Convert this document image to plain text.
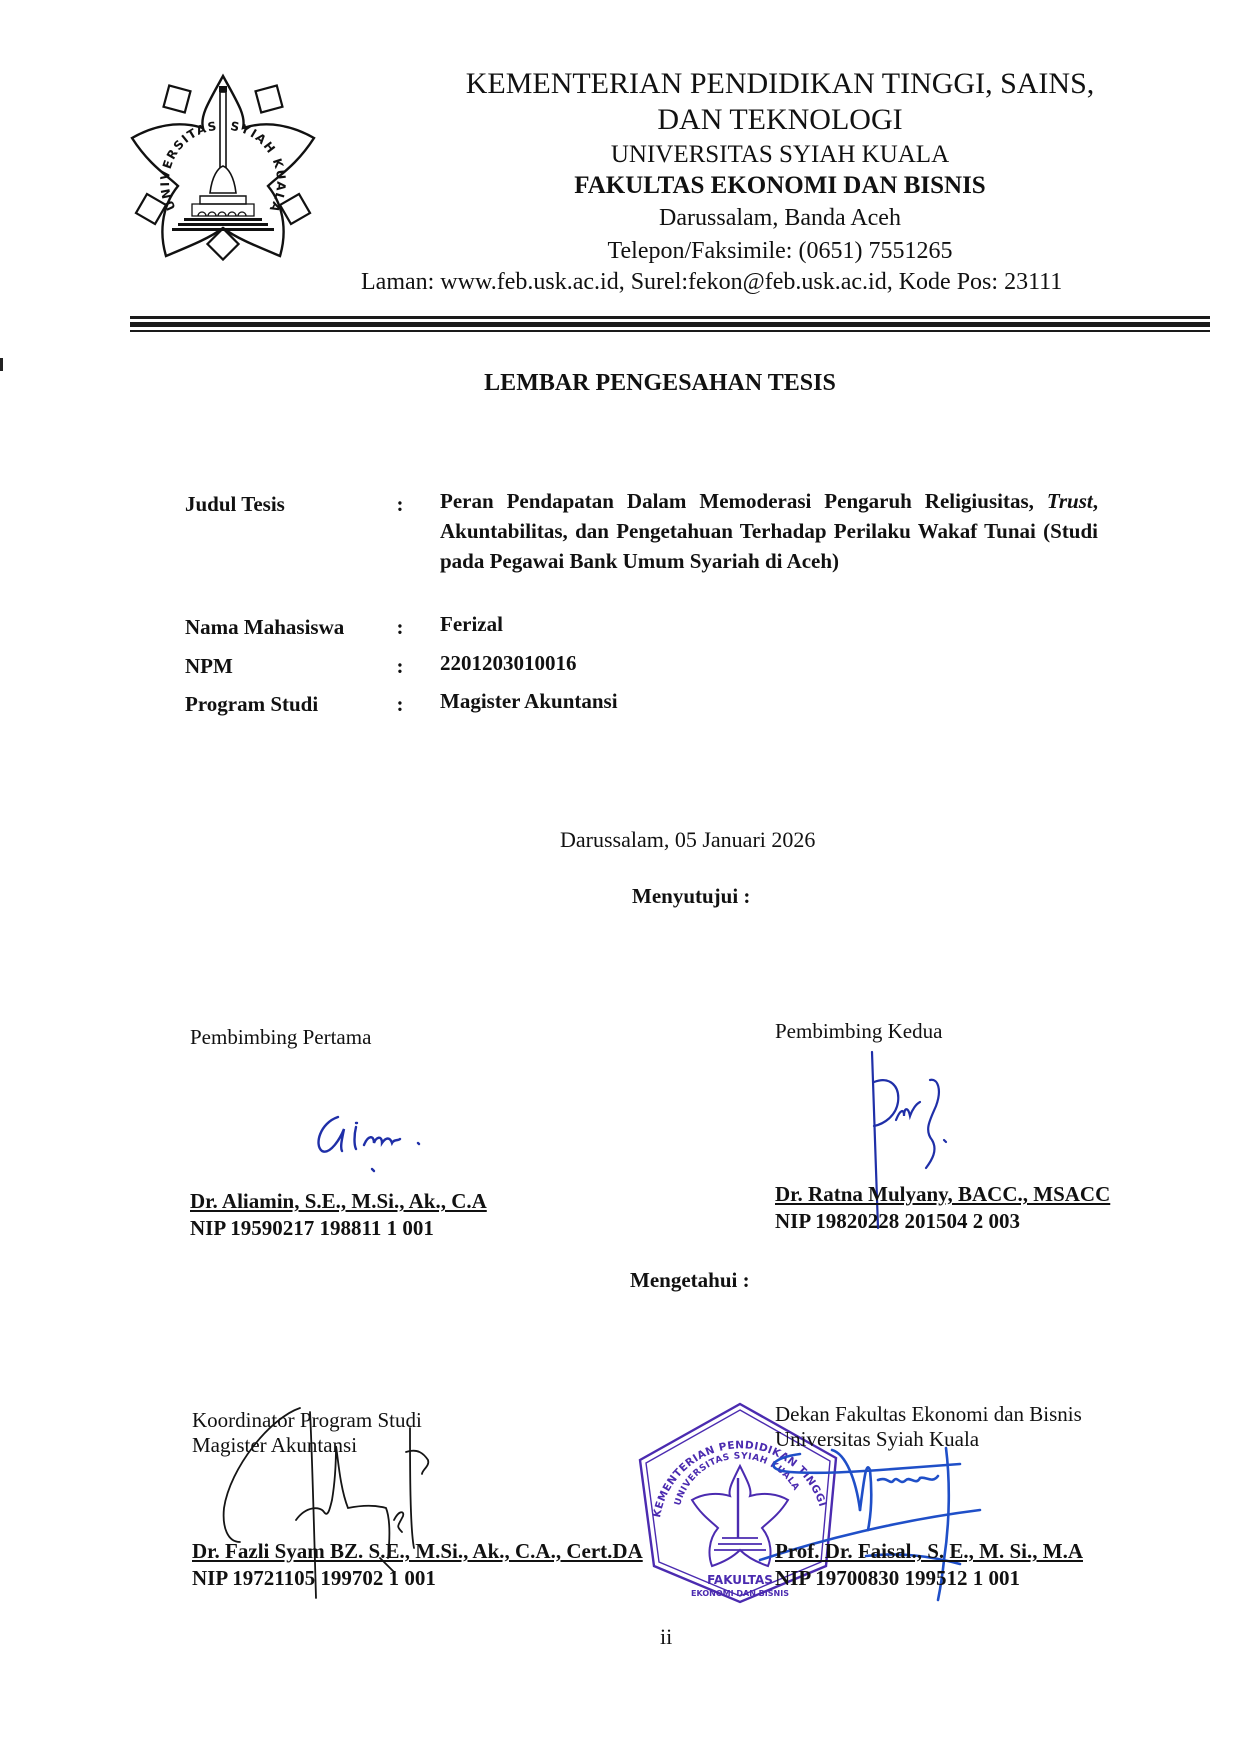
UNIVERSITAS SYIAH KUALA
KEMENTERIAN PENDIDIKAN TINGGI, SAINS,
DAN TEKNOLOGI
UNIVERSITAS SYIAH KUALA
FAKULTAS EKONOMI DAN BISNIS
Darussalam, Banda Aceh
Telepon/Faksimile: (0651) 7551265
Laman: www.feb.usk.ac.id, Surel:fekon@feb.usk.ac.id, Kode Pos: 23111
LEMBAR PENGESAHAN TESIS
Judul Tesis	:	Peran Pendapatan Dalam Memoderasi Pengaruh Religiusitas, Trust, Akuntabilitas, dan Pengetahuan Terhadap Perilaku Wakaf Tunai (Studi pada Pegawai Bank Umum Syariah di Aceh)
Nama Mahasiswa	:	Ferizal
NPM	:	2201203010016
Program Studi	:	Magister Akuntansi
Darussalam, 05 Januari 2026
Menyutujui :
Pembimbing Pertama
Dr. Aliamin, S.E., M.Si., Ak., C.A
NIP 19590217 198811 1 001
Pembimbing Kedua
Dr. Ratna Mulyany, BACC., MSACC
NIP 19820228 201504 2 003
Mengetahui :
Koordinator Program Studi
Magister Akuntansi
KEMENTERIAN PENDIDIKAN TINGGI, SAINS, DAN TEKNOLOGI
UNIVERSITAS SYIAH KUALA
FAKULTAS
EKONOMI DAN BISNIS
Dr. Fazli Syam BZ. S.E., M.Si., Ak., C.A., Cert.DA
NIP 19721105 199702 1 001
Dekan Fakultas Ekonomi dan Bisnis
Universitas Syiah Kuala
Prof. Dr. Faisal., S. E., M. Si., M.A
NIP 19700830 199512 1 001
ii
